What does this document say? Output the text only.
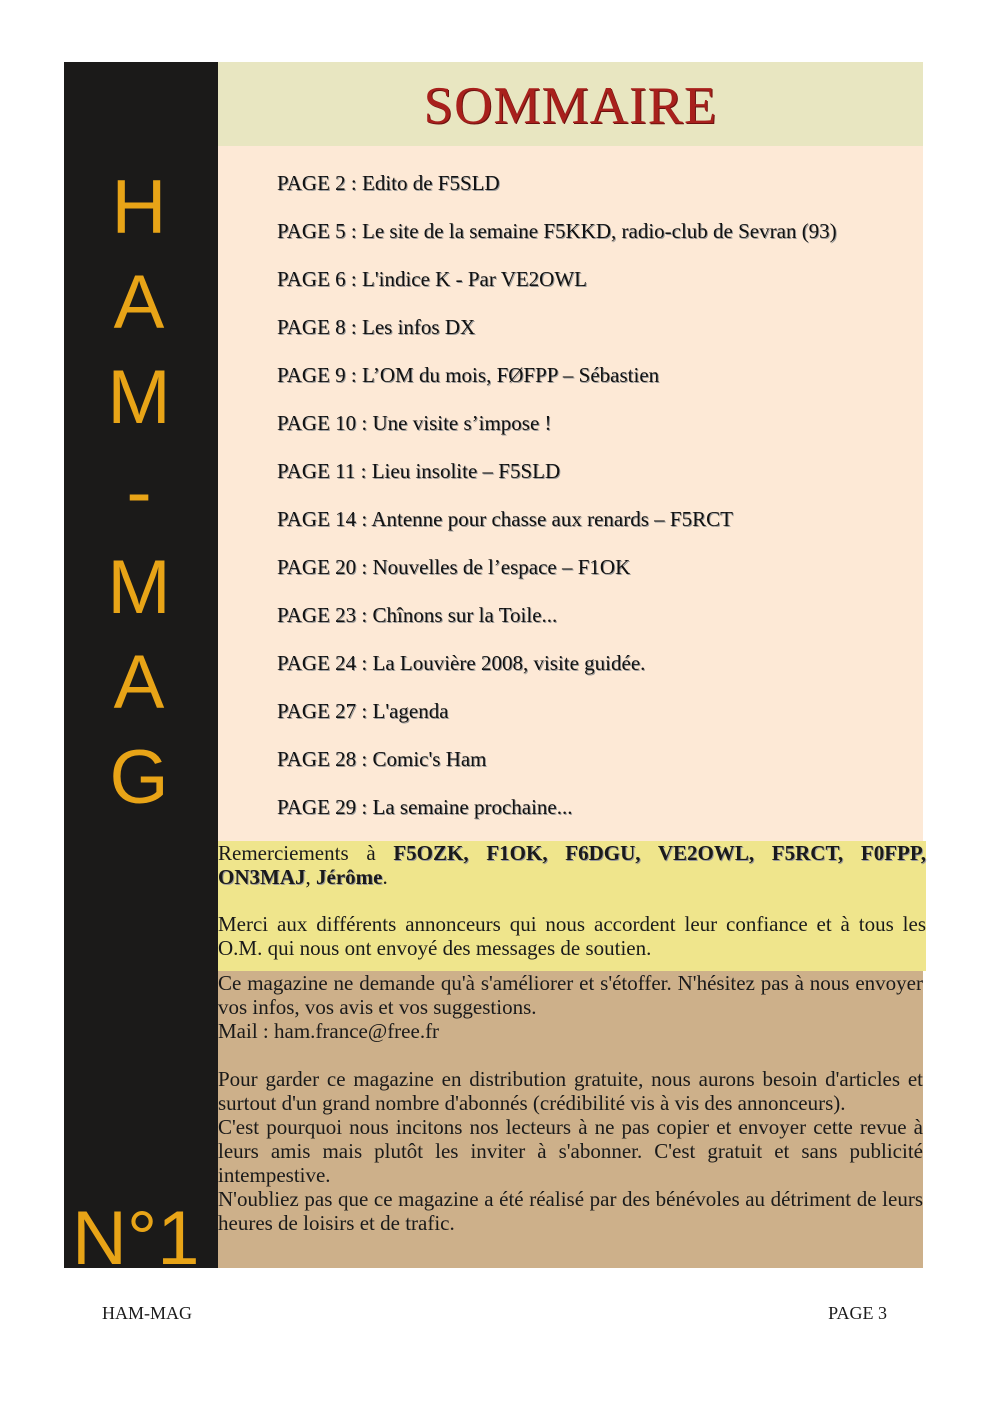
H
A
M
-
M
A
G
N°1
SOMMAIRE
PAGE 2 : Edito de F5SLD
PAGE 5 : Le site de la semaine F5KKD, radio-club de Sevran (93)
PAGE 6 : L'indice K - Par VE2OWL
PAGE 8 : Les infos DX
PAGE 9 : L’OM du mois, FØFPP – Sébastien
PAGE 10 : Une visite s’impose !
PAGE 11 : Lieu insolite – F5SLD
PAGE 14 : Antenne pour chasse aux renards – F5RCT
PAGE 20 : Nouvelles de l’espace – F1OK
PAGE 23 : Chînons sur la Toile...
PAGE 24 : La Louvière 2008, visite guidée.
PAGE 27 : L'agenda
PAGE 28 : Comic's Ham
PAGE 29 : La semaine prochaine...

Remerciements à F5OZK, F1OK, F6DGU, VE2OWL, F5RCT, F0FPP, ON3MAJ, Jérôme.

Merci aux différents annonceurs qui nous accordent leur confiance et à tous les O.M. qui nous ont envoyé des messages de soutien.

Ce magazine ne demande qu'à s'améliorer et s'étoffer. N'hésitez pas à nous envoyer vos infos, vos avis et vos suggestions.

Mail : ham.france@free.fr

Pour garder ce magazine en distribution gratuite, nous aurons besoin d'articles et surtout d'un grand nombre d'abonnés (crédibilité vis à vis des annonceurs).

C'est pourquoi nous incitons nos lecteurs à ne pas copier et envoyer cette revue à leurs amis mais plutôt les inviter à s'abonner. C'est gratuit et sans publicité intempestive.

N'oubliez pas que ce magazine a été réalisé par des bénévoles au détriment de leurs heures de loisirs et de trafic.

HAM-MAG	PAGE 3
